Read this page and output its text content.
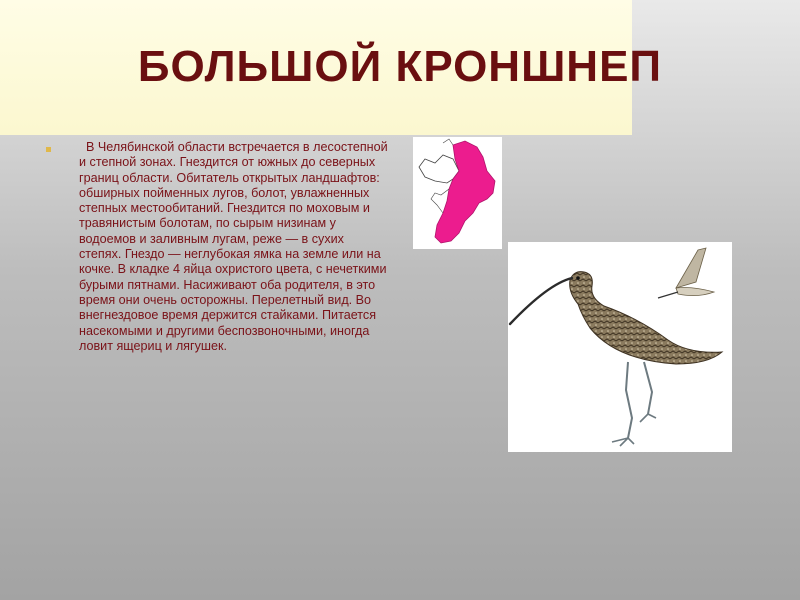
БОЛЬШОЙ КРОНШНЕП

В Челябинской области встречается в лесостепной и степной зонах. Гнездится от южных до северных границ области. Обитатель открытых ландшафтов: обширных пойменных лугов, болот, увлажненных степных местообитаний. Гнездится по моховым и травянистым болотам, по сырым низинам у водоемов и заливным лугам, реже — в сухих степях. Гнездо — неглубокая ямка на земле или на кочке. В кладке 4 яйца охристого цвета, с нечеткими бурыми пятнами. Насиживают оба родителя, в это время они очень осторожны. Перелетный вид. Во внегнездовое время держится стайками. Питается насекомыми и другими беспозвоночными, иногда ловит ящериц и лягушек.
